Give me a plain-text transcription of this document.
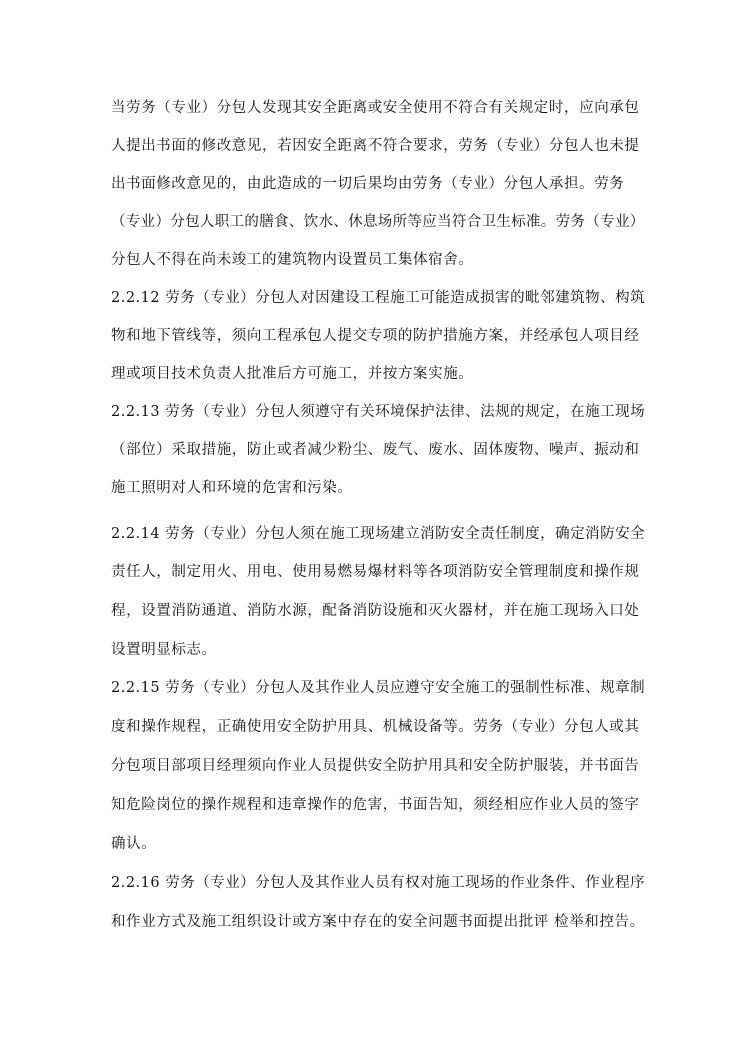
当劳务（专业）分包人发现其安全距离或安全使用不符合有关规定时，应向承包
人提出书面的修改意见，若因安全距离不符合要求，劳务（专业）分包人也未提
出书面修改意见的，由此造成的一切后果均由劳务（专业）分包人承担。劳务
（专业）分包人职工的膳食、饮水、休息场所等应当符合卫生标准。劳务（专业）
分包人不得在尚未竣工的建筑物内设置员工集体宿舍。
2.2.12 劳务（专业）分包人对因建设工程施工可能造成损害的毗邻建筑物、构筑
物和地下管线等，须向工程承包人提交专项的防护措施方案，并经承包人项目经
理或项目技术负责人批准后方可施工，并按方案实施。
2.2.13 劳务（专业）分包人须遵守有关环境保护法律、法规的规定，在施工现场
（部位）采取措施，防止或者减少粉尘、废气、废水、固体废物、噪声、振动和
施工照明对人和环境的危害和污染。
2.2.14 劳务（专业）分包人须在施工现场建立消防安全责任制度，确定消防安全
责任人，制定用火、用电、使用易燃易爆材料等各项消防安全管理制度和操作规
程，设置消防通道、消防水源，配备消防设施和灭火器材，并在施工现场入口处
设置明显标志。
2.2.15 劳务（专业）分包人及其作业人员应遵守安全施工的强制性标准、规章制
度和操作规程，正确使用安全防护用具、机械设备等。劳务（专业）分包人或其
分包项目部项目经理须向作业人员提供安全防护用具和安全防护服装，并书面告
知危险岗位的操作规程和违章操作的危害，书面告知，须经相应作业人员的签字
确认。
2.2.16 劳务（专业）分包人及其作业人员有权对施工现场的作业条件、作业程序
和作业方式及施工组织设计或方案中存在的安全问题书面提出批评 检举和控告。
